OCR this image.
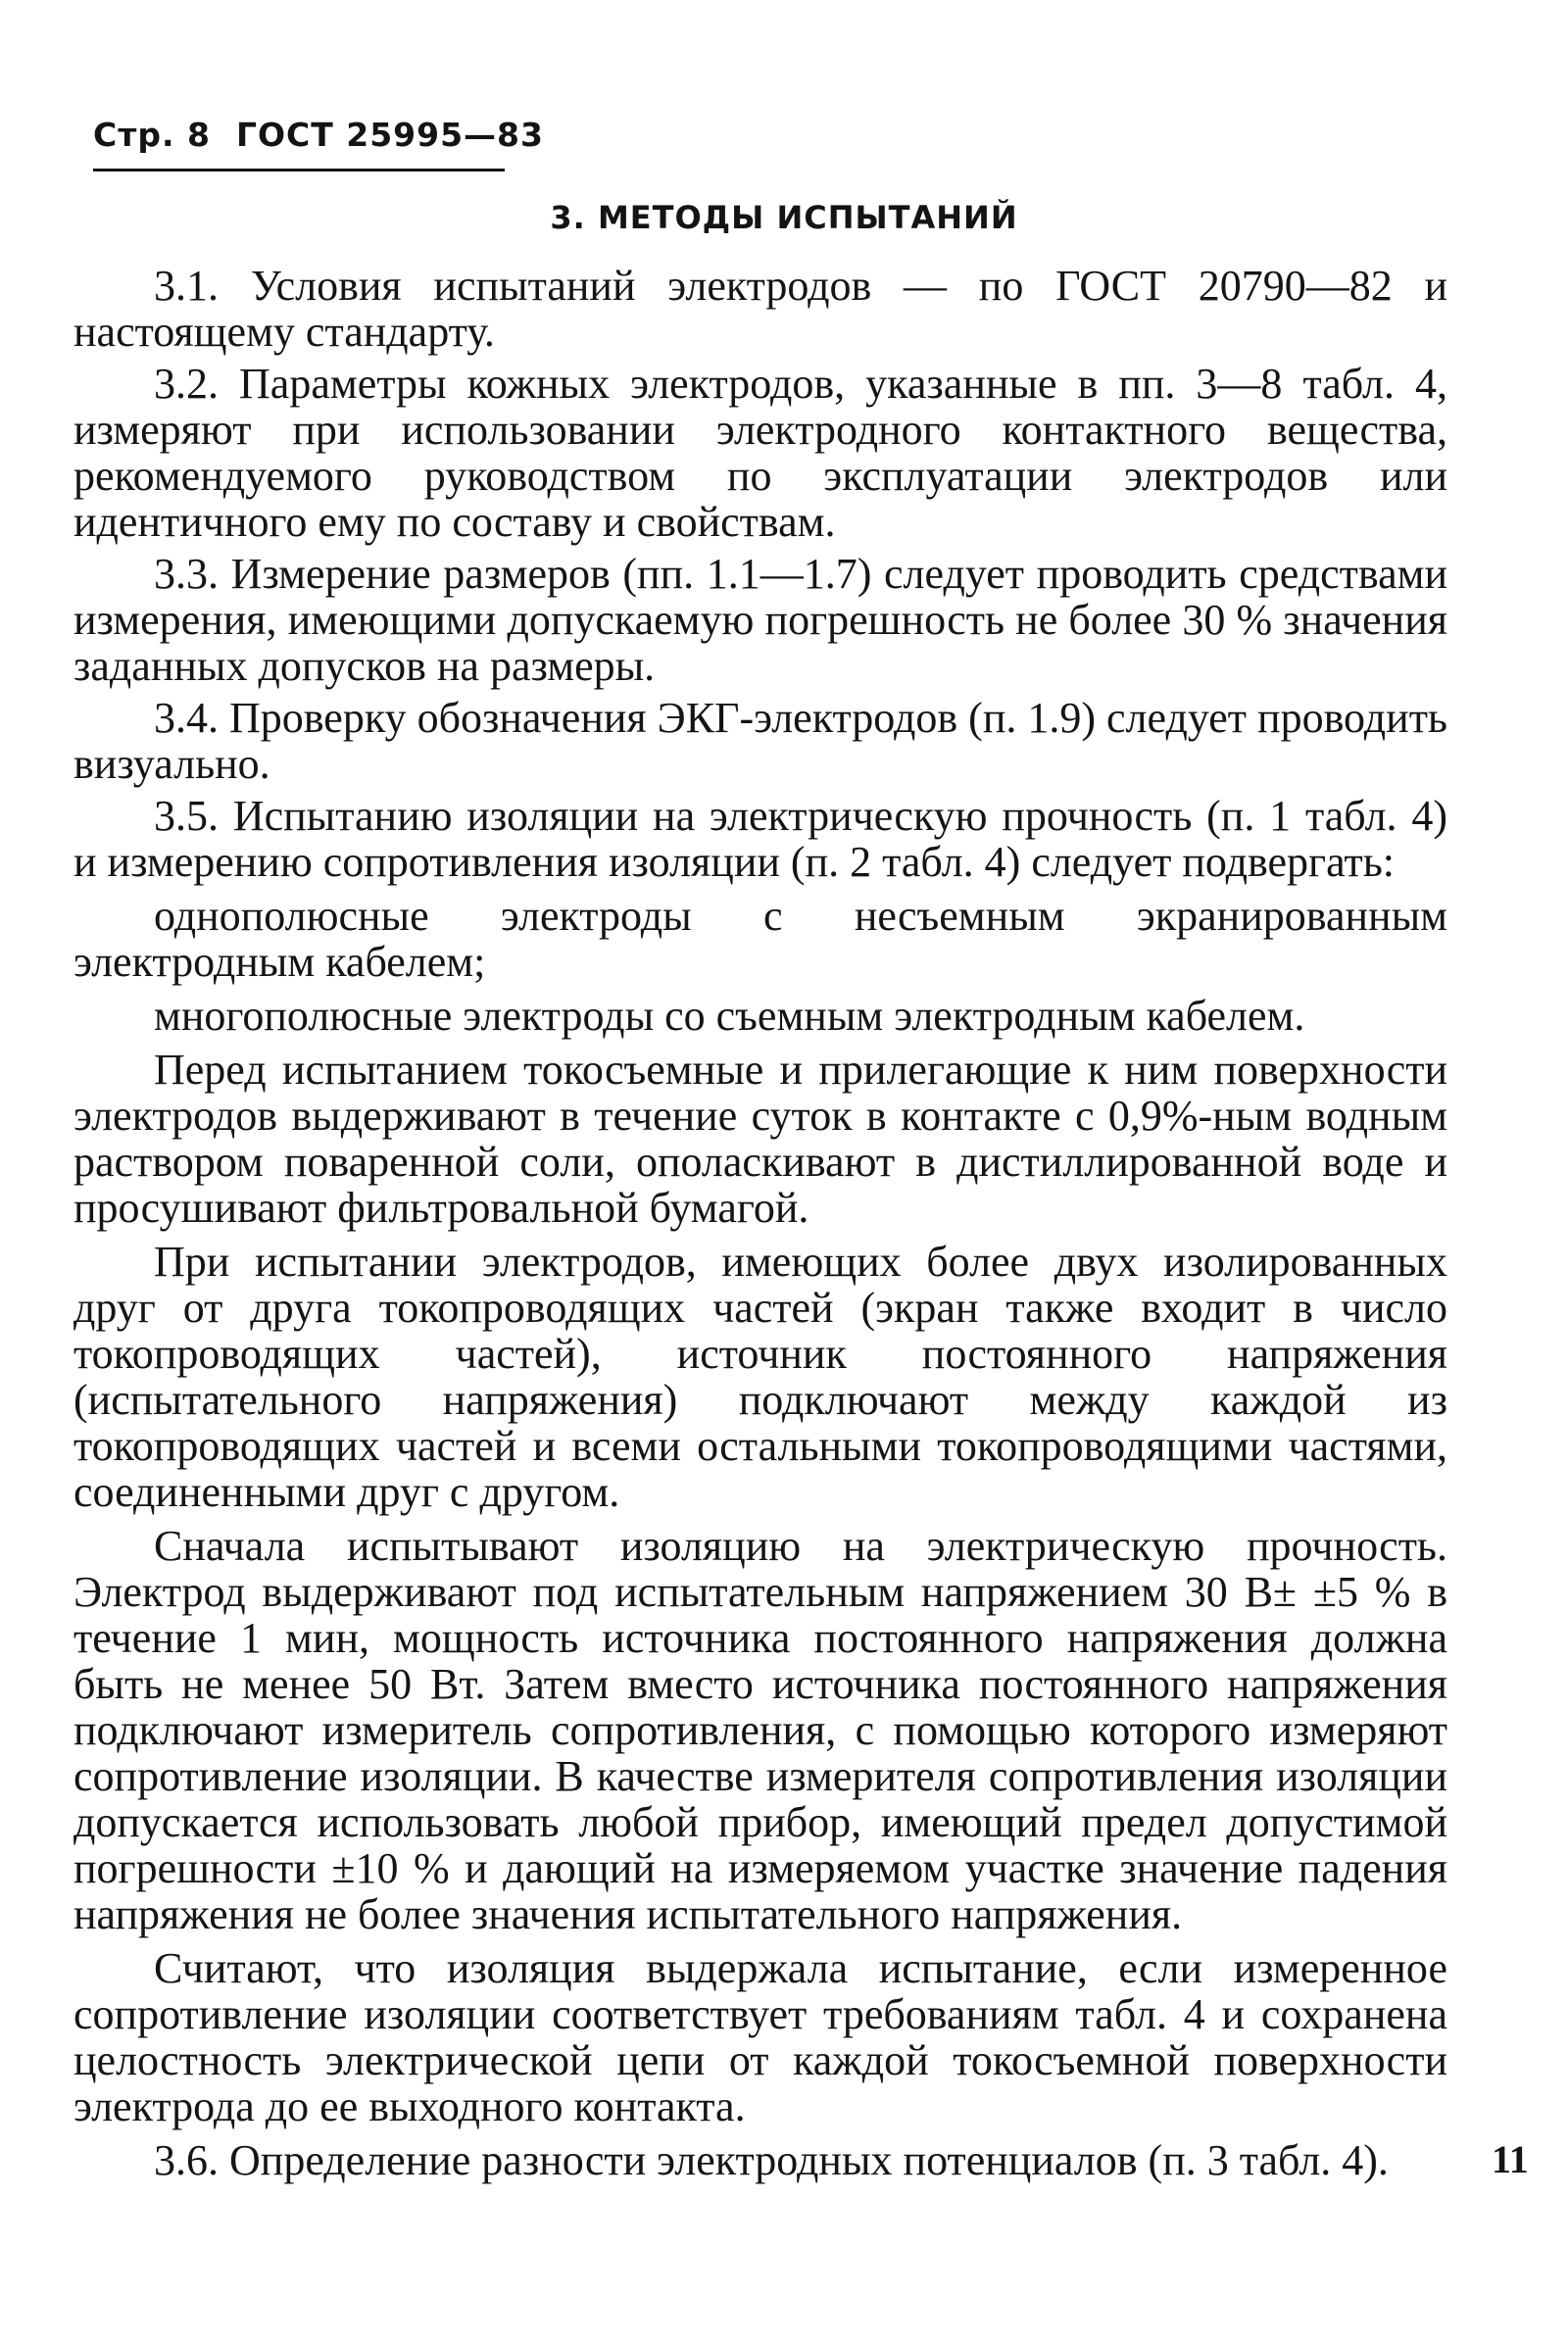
Стр. 8 ГОСТ 25995—83
3. МЕТОДЫ ИСПЫТАНИЙ

3.1. Условия испытаний электродов — по ГОСТ 20790—82 и настоящему стандарту.

3.2. Параметры кожных электродов, указанные в пп. 3—8 табл. 4, измеряют при использовании электродного контактного вещества, рекомендуемого руководством по эксплуатации электродов или идентичного ему по составу и свойствам.

3.3. Измерение размеров (пп. 1.1—1.7) следует проводить средствами измерения, имеющими допускаемую погрешность не более 30 % значения заданных допусков на размеры.

3.4. Проверку обозначения ЭКГ-электродов (п. 1.9) следует проводить визуально.

3.5. Испытанию изоляции на электрическую прочность (п. 1 табл. 4) и измерению сопротивления изоляции (п. 2 табл. 4) следует подвергать:

однополюсные электроды с несъемным экранированным электродным кабелем;

многополюсные электроды со съемным электродным кабелем.

Перед испытанием токосъемные и прилегающие к ним поверхности электродов выдерживают в течение суток в контакте с 0,9%-ным водным раствором поваренной соли, ополаскивают в дистиллированной воде и просушивают фильтровальной бумагой.

При испытании электродов, имеющих более двух изолированных друг от друга токопроводящих частей (экран также входит в число токопроводящих частей), источник постоянного напряжения (испытательного напряжения) подключают между каждой из токопроводящих частей и всеми остальными токопроводящими частями, соединенными друг с другом.

Сначала испытывают изоляцию на электрическую прочность. Электрод выдерживают под испытательным напряжением 30 В± ±5 % в течение 1 мин, мощность источника постоянного напряжения должна быть не менее 50 Вт. Затем вместо источника постоянного напряжения подключают измеритель сопротивления, с помощью которого измеряют сопротивление изоляции. В качестве измерителя сопротивления изоляции допускается использовать любой прибор, имеющий предел допустимой погрешности ±10 % и дающий на измеряемом участке значение падения напряжения не более значения испытательного напряжения.

Считают, что изоляция выдержала испытание, если измеренное сопротивление изоляции соответствует требованиям табл. 4 и сохранена целостность электрической цепи от каждой токосъемной поверхности электрода до ее выходного контакта.

3.6. Определение разности электродных потенциалов (п. 3 табл. 4).	11
